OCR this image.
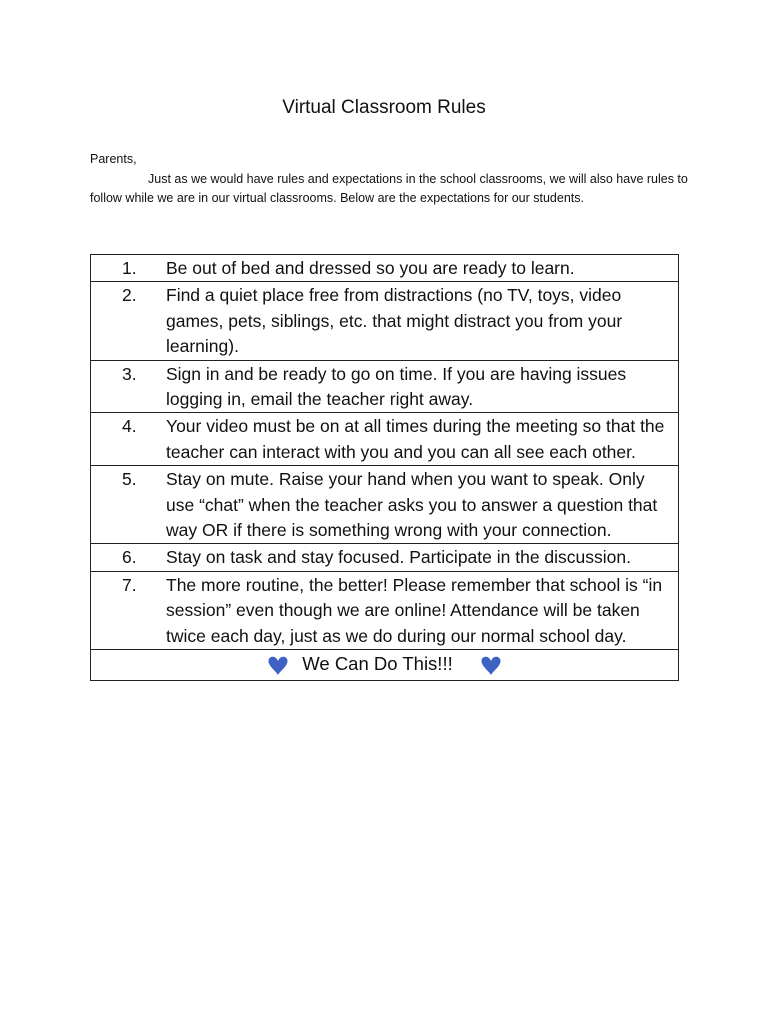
Virtual Classroom Rules

Parents,

Just as we would have rules and expectations in the school classrooms, we will also have rules to follow while we are in our virtual classrooms. Below are the expectations for our students.

1.	Be out of bed and dressed so you are ready to learn.
2.	Find a quiet place free from distractions (no TV, toys, video games, pets, siblings, etc. that might distract you from your learning).
3.	Sign in and be ready to go on time. If you are having issues logging in, email the teacher right away.
4.	Your video must be on at all times during the meeting so that the teacher can interact with you and you can all see each other.
5.	Stay on mute. Raise your hand when you want to speak. Only use “chat” when the teacher asks you to answer a question that way OR if there is something wrong with your connection.
6.	Stay on task and stay focused. Participate in the discussion.
7.	The more routine, the better! Please remember that school is “in session” even though we are online! Attendance will be taken twice each day, just as we do during our normal school day.

We Can Do This!!!	
